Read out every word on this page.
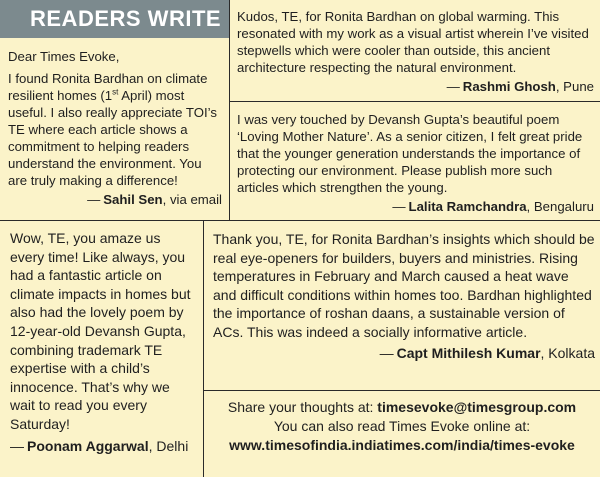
READERS WRITE

Dear Times Evoke,

I found Ronita Bardhan on climate resilient homes (1st April) most useful. I also really appreciate TOI’s TE where each article shows a commitment to helping readers understand the environment. You are truly making a difference!

— Sahil Sen, via email

Kudos, TE, for Ronita Bardhan on global warming. This resonated with my work as a visual artist wherein I’ve visited stepwells which were cooler than outside, this ancient architecture respecting the natural environment.

— Rashmi Ghosh, Pune

I was very touched by Devansh Gupta’s beautiful poem ‘Loving Mother Nature’. As a senior citizen, I felt great pride that the younger generation understands the importance of protecting our environment. Please publish more such articles which strengthen the young.

— Lalita Ramchandra, Bengaluru

Wow, TE, you amaze us every time! Like always, you had a fantastic article on climate impacts in homes but also had the lovely poem by 12-year-old Devansh Gupta, combining trademark TE expertise with a child’s innocence. That’s why we wait to read you every Saturday!

— Poonam Aggarwal, Delhi

Thank you, TE, for Ronita Bardhan’s insights which should be real eye-openers for builders, buyers and ministries. Rising temperatures in February and March caused a heat wave and difficult conditions within homes too. Bardhan highlighted the importance of roshan daans, a sustainable version of ACs. This was indeed a socially informative article.

— Capt Mithilesh Kumar, Kolkata
Share your thoughts at: timesevoke@timesgroup.com
You can also read Times Evoke online at:
www.timesofindia.indiatimes.com/india/times-evoke
